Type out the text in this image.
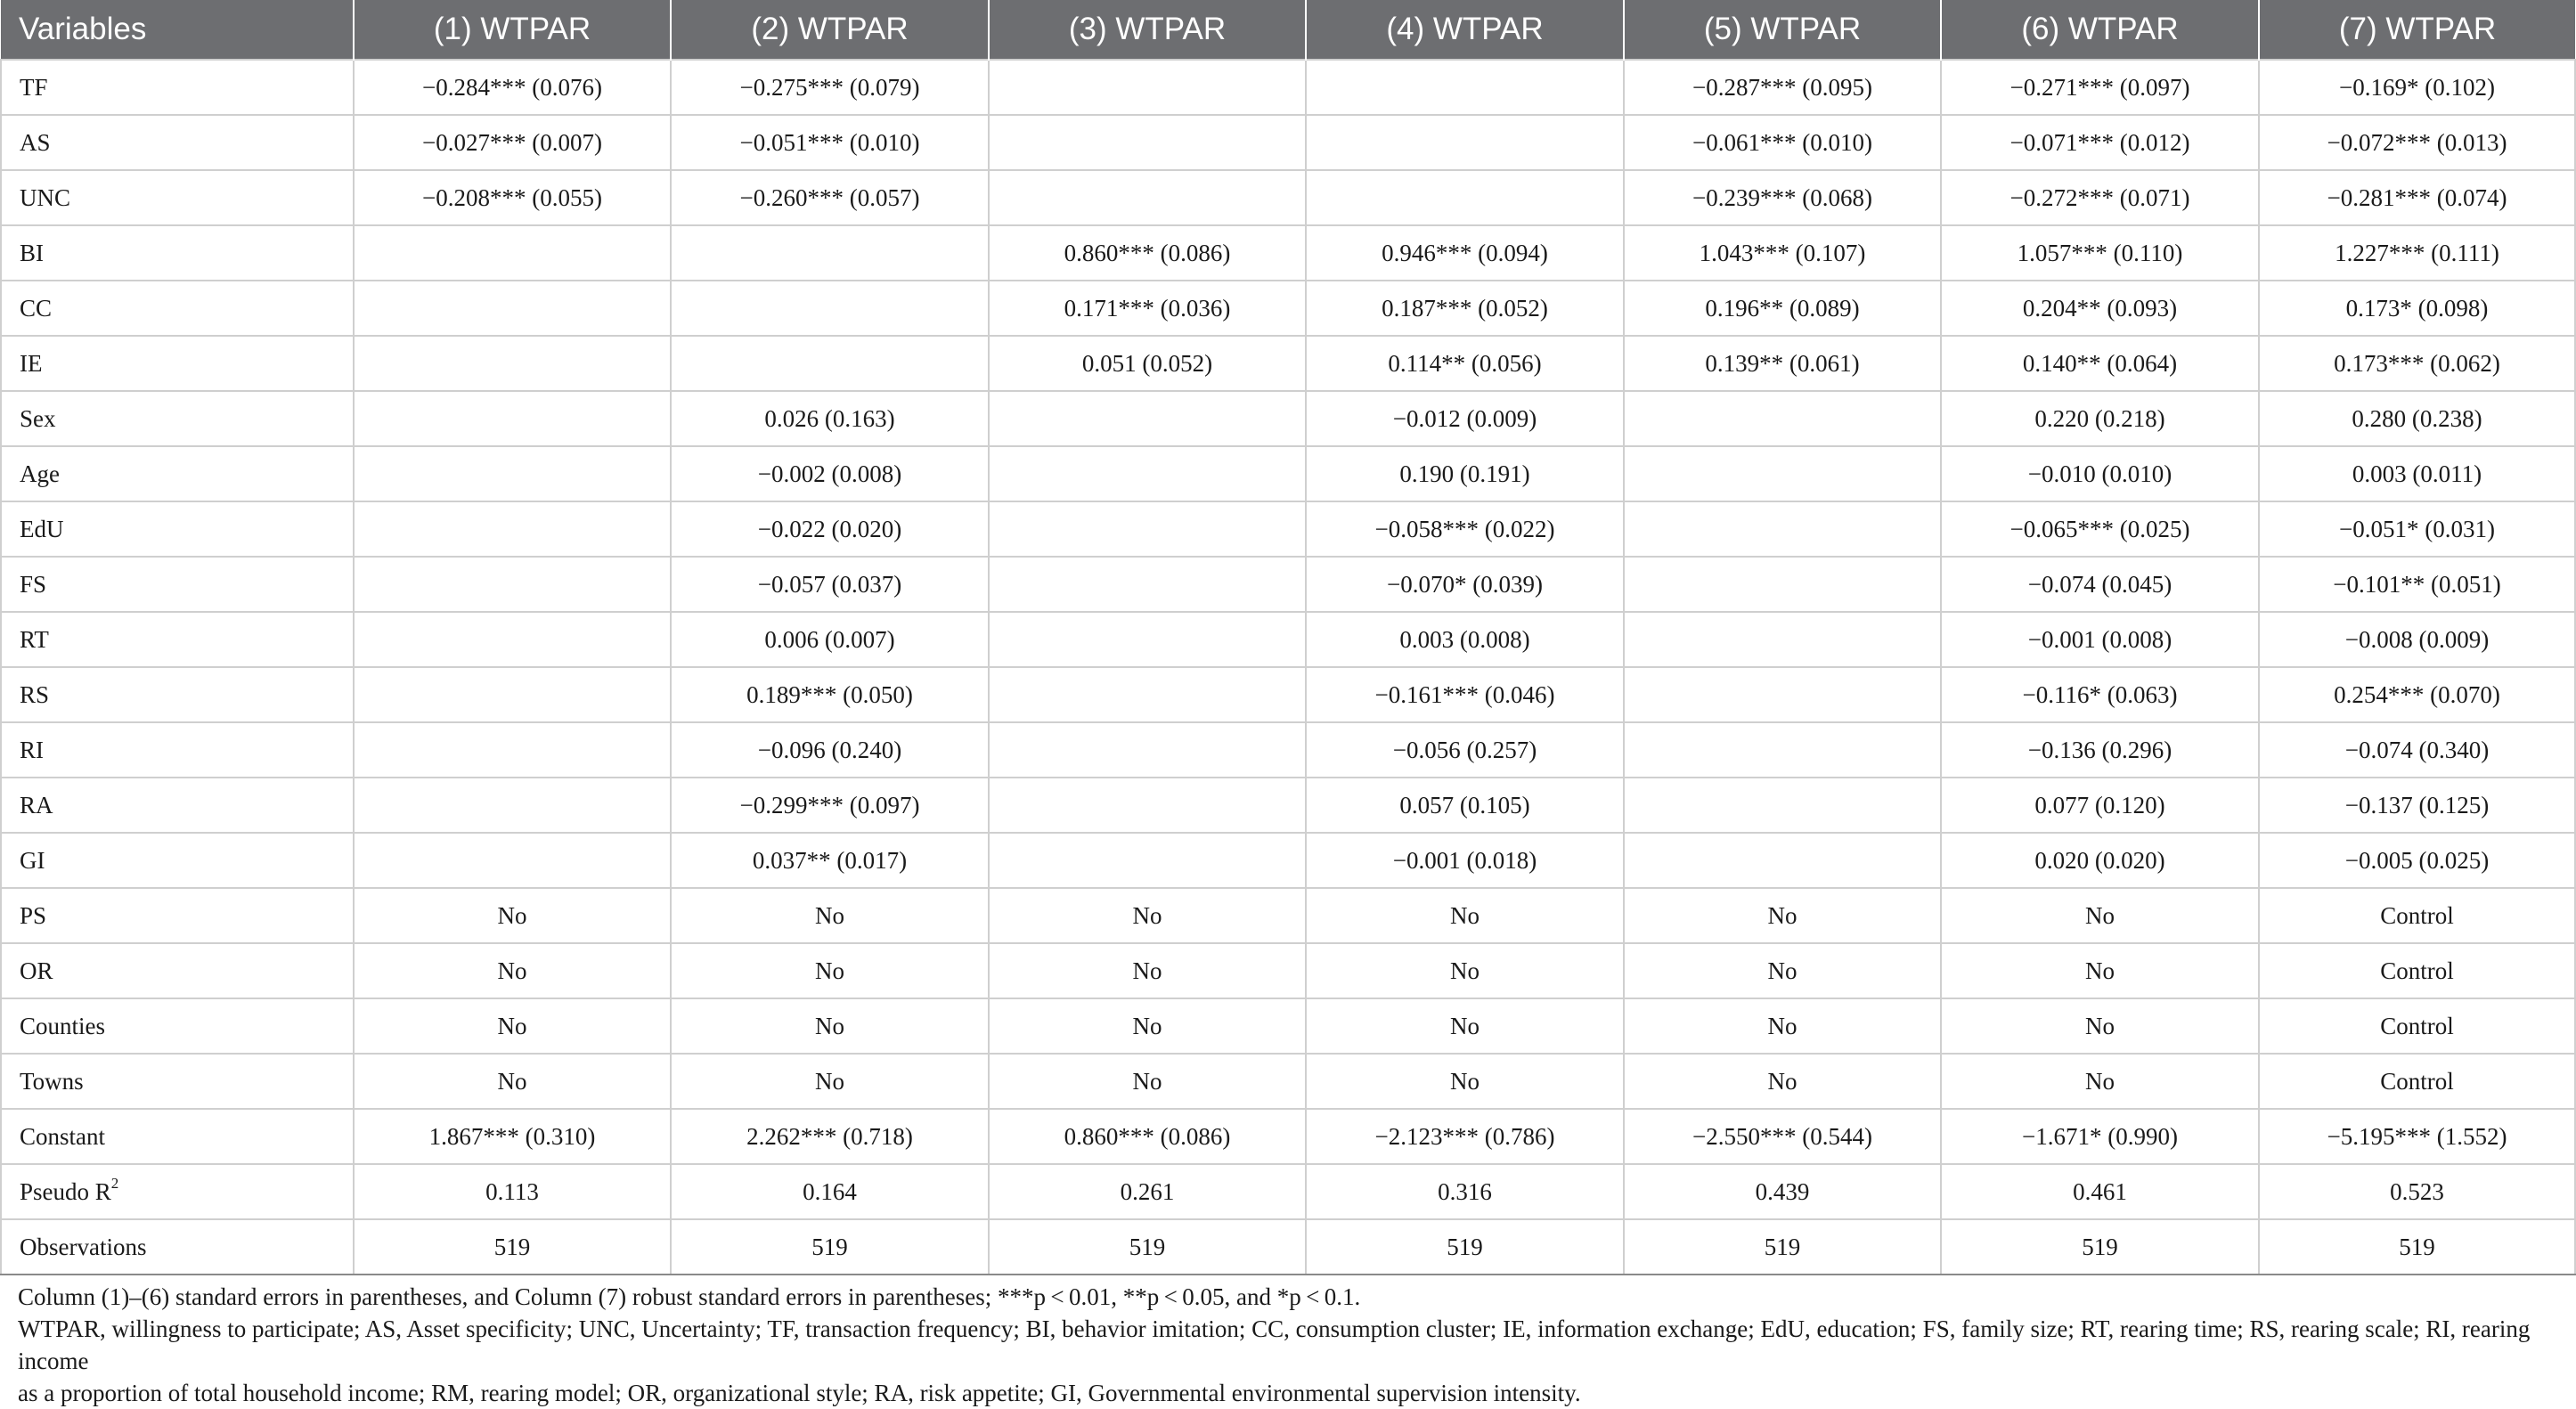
Variables	(1) WTPAR	(2) WTPAR	(3) WTPAR	(4) WTPAR	(5) WTPAR	(6) WTPAR	(7) WTPAR
TF	−0.284*** (0.076)	−0.275*** (0.079)			−0.287*** (0.095)	−0.271*** (0.097)	−0.169* (0.102)
AS	−0.027*** (0.007)	−0.051*** (0.010)			−0.061*** (0.010)	−0.071*** (0.012)	−0.072*** (0.013)
UNC	−0.208*** (0.055)	−0.260*** (0.057)			−0.239*** (0.068)	−0.272*** (0.071)	−0.281*** (0.074)
BI			0.860*** (0.086)	0.946*** (0.094)	1.043*** (0.107)	1.057*** (0.110)	1.227*** (0.111)
CC			0.171*** (0.036)	0.187*** (0.052)	0.196** (0.089)	0.204** (0.093)	0.173* (0.098)
IE			0.051 (0.052)	0.114** (0.056)	0.139** (0.061)	0.140** (0.064)	0.173*** (0.062)
Sex		0.026 (0.163)		−0.012 (0.009)		0.220 (0.218)	0.280 (0.238)
Age		−0.002 (0.008)		0.190 (0.191)		−0.010 (0.010)	0.003 (0.011)
EdU		−0.022 (0.020)		−0.058*** (0.022)		−0.065*** (0.025)	−0.051* (0.031)
FS		−0.057 (0.037)		−0.070* (0.039)		−0.074 (0.045)	−0.101** (0.051)
RT		0.006 (0.007)		0.003 (0.008)		−0.001 (0.008)	−0.008 (0.009)
RS		0.189*** (0.050)		−0.161*** (0.046)		−0.116* (0.063)	0.254*** (0.070)
RI		−0.096 (0.240)		−0.056 (0.257)		−0.136 (0.296)	−0.074 (0.340)
RA		−0.299*** (0.097)		0.057 (0.105)		0.077 (0.120)	−0.137 (0.125)
GI		0.037** (0.017)		−0.001 (0.018)		0.020 (0.020)	−0.005 (0.025)
PS	No	No	No	No	No	No	Control
OR	No	No	No	No	No	No	Control
Counties	No	No	No	No	No	No	Control
Towns	No	No	No	No	No	No	Control
Constant	1.867*** (0.310)	2.262*** (0.718)	0.860*** (0.086)	−2.123*** (0.786)	−2.550*** (0.544)	−1.671* (0.990)	−5.195*** (1.552)
Pseudo $R^2$	0.113	0.164	0.261	0.316	0.439	0.461	0.523
Observations	519	519	519	519	519	519	519
Column (1)–(6) standard errors in parentheses, and Column (7) robust standard errors in parentheses; ***p < 0.01, **p < 0.05, and *p < 0.1.
WTPAR, willingness to participate; AS, Asset specificity; UNC, Uncertainty; TF, transaction frequency; BI, behavior imitation; CC, consumption cluster; IE, information exchange; EdU, education; FS, family size; RT, rearing time; RS, rearing scale; RI, rearing income
as a proportion of total household income; RM, rearing model; OR, organizational style; RA, risk appetite; GI, Governmental environmental supervision intensity.
